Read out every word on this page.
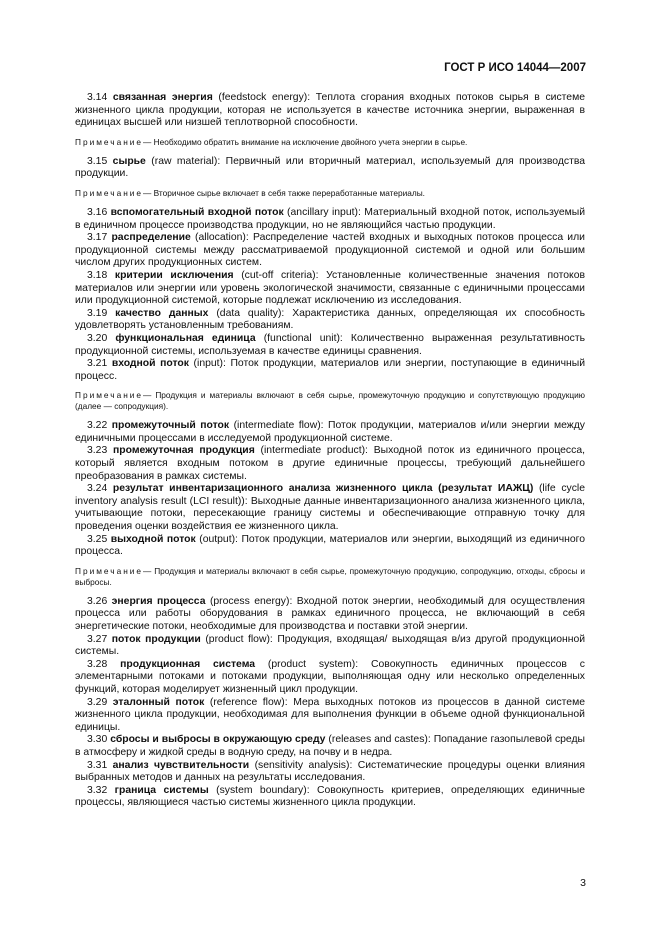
ГОСТ Р ИСО 14044—2007

3.14 связанная энергия (feedstock energy): Теплота сгорания входных потоков сырья в системе жизненного цикла продукции, которая не используется в качестве источника энергии, выраженная в единицах высшей или низшей теплотворной способности.

Примечание— Необходимо обратить внимание на исключение двойного учета энергии в сырье.

3.15 сырье (raw material): Первичный или вторичный материал, используемый для производства продукции.

Примечание— Вторичное сырье включает в себя также переработанные материалы.

3.16 вспомогательный входной поток (ancillary input): Материальный входной поток, используемый в единичном процессе производства продукции, но не являющийся частью продукции.

3.17 распределение (allocation): Распределение частей входных и выходных потоков процесса или продукционной системы между рассматриваемой продукционной системой и одной или большим числом других продукционных систем.

3.18 критерии исключения (cut-off criteria): Установленные количественные значения потоков материалов или энергии или уровень экологической значимости, связанные с единичными процессами или продукционной системой, которые подлежат исключению из исследования.

3.19 качество данных (data quality): Характеристика данных, определяющая их способность удовлетворять установленным требованиям.

3.20 функциональная единица (functional unit): Количественно выраженная результативность продукционной системы, используемая в качестве единицы сравнения.

3.21 входной поток (input): Поток продукции, материалов или энергии, поступающие в единичный процесс.

Примечание— Продукция и материалы включают в себя сырье, промежуточную продукцию и сопутствующую продукцию (далее — сопродукция).

3.22 промежуточный поток (intermediate flow): Поток продукции, материалов и/или энергии между единичными процессами в исследуемой продукционной системе.

3.23 промежуточная продукция (intermediate product): Выходной поток из единичного процесса, который является входным потоком в другие единичные процессы, требующий дальнейшего преобразования в рамках системы.

3.24 результат инвентаризационного анализа жизненного цикла (результат ИАЖЦ) (life cycle inventory analysis result (LCI result)): Выходные данные инвентаризационного анализа жизненного цикла, учитывающие потоки, пересекающие границу системы и обеспечивающие отправную точку для проведения оценки воздействия ее жизненного цикла.

3.25 выходной поток (output): Поток продукции, материалов или энергии, выходящий из единичного процесса.

Примечание— Продукция и материалы включают в себя сырье, промежуточную продукцию, сопродукцию, отходы, сбросы и выбросы.

3.26 энергия процесса (process energy): Входной поток энергии, необходимый для осуществления процесса или работы оборудования в рамках единичного процесса, не включающий в себя энергетические потоки, необходимые для производства и поставки этой энергии.

3.27 поток продукции (product flow): Продукция, входящая/ выходящая в/из другой продукционной системы.

3.28 продукционная система (product system): Совокупность единичных процессов с элементарными потоками и потоками продукции, выполняющая одну или несколько определенных функций, которая моделирует жизненный цикл продукции.

3.29 эталонный поток (reference flow): Мера выходных потоков из процессов в данной системе жизненного цикла продукции, необходимая для выполнения функции в объеме одной функциональной единицы.

3.30 сбросы и выбросы в окружающую среду (releases and castes): Попадание газопылевой среды в атмосферу и жидкой среды в водную среду, на почву и в недра.

3.31 анализ чувствительности (sensitivity analysis): Систематические процедуры оценки влияния выбранных методов и данных на результаты исследования.

3.32 граница системы (system boundary): Совокупность критериев, определяющих единичные процессы, являющиеся частью системы жизненного цикла продукции.

3
